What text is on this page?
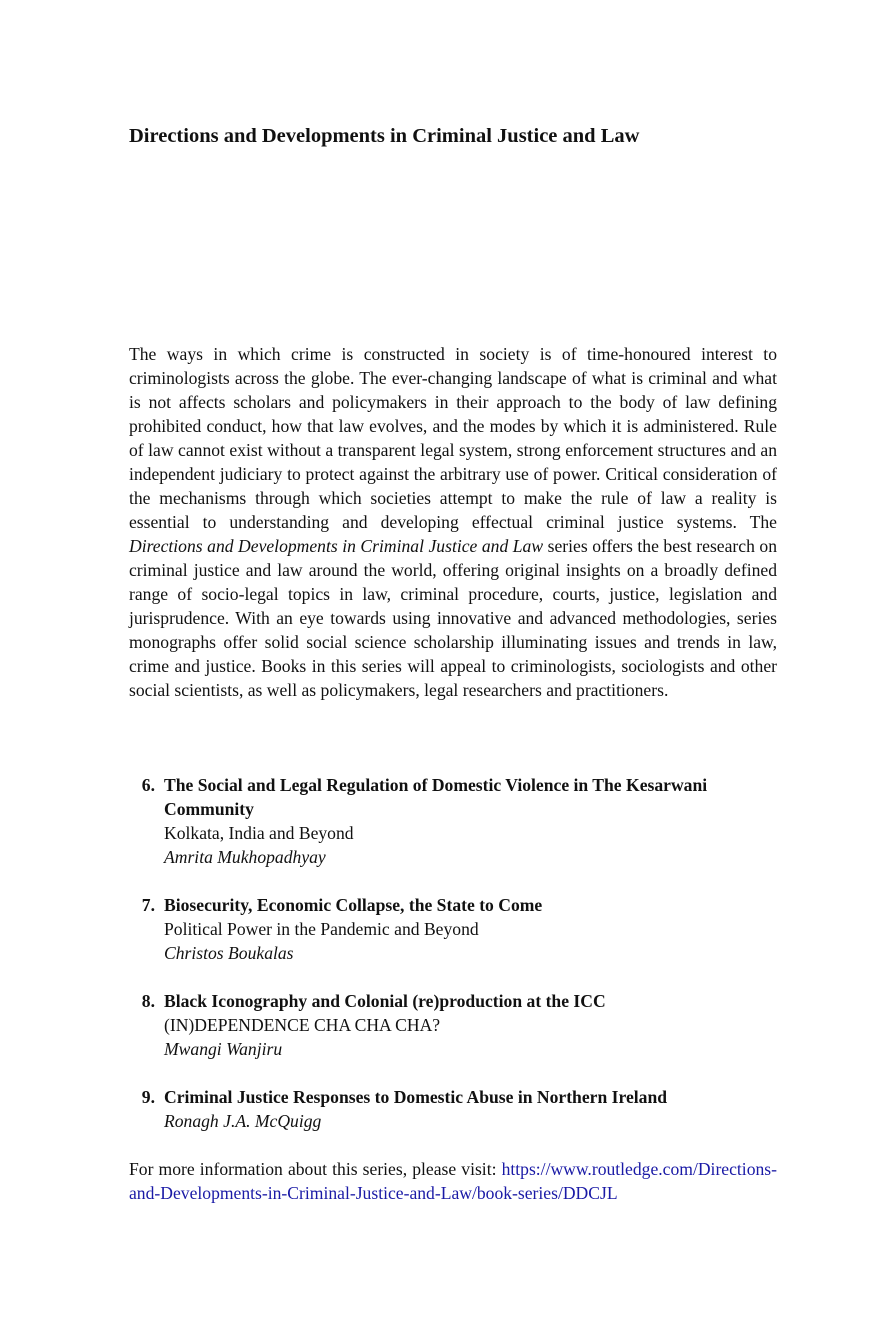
Directions and Developments in Criminal Justice and Law

The ways in which crime is constructed in society is of time-honoured interest to criminologists across the globe. The ever-changing landscape of what is criminal and what is not affects scholars and policymakers in their approach to the body of law defining prohibited conduct, how that law evolves, and the modes by which it is administered. Rule of law cannot exist without a transparent legal system, strong enforcement structures and an independent judiciary to protect against the arbitrary use of power. Critical consideration of the mechanisms through which societies attempt to make the rule of law a reality is essential to understanding and developing effectual criminal justice systems. The Directions and Developments in Criminal Justice and Law series offers the best research on criminal justice and law around the world, offering original insights on a broadly defined range of socio-legal topics in law, criminal procedure, courts, justice, legislation and jurisprudence. With an eye towards using innovative and advanced methodologies, series monographs offer solid social science scholarship illuminating issues and trends in law, crime and justice. Books in this series will appeal to criminologists, sociologists and other social scientists, as well as policymakers, legal researchers and practitioners.

6. The Social and Legal Regulation of Domestic Violence in The Kesarwani Community
Kolkata, India and Beyond
Amrita Mukhopadhyay
7. Biosecurity, Economic Collapse, the State to Come
Political Power in the Pandemic and Beyond
Christos Boukalas
8. Black Iconography and Colonial (re)production at the ICC
(IN)DEPENDENCE CHA CHA CHA?
Mwangi Wanjiru
9. Criminal Justice Responses to Domestic Abuse in Northern Ireland
Ronagh J.A. McQuigg

For more information about this series, please visit: https://www.routledge.com/Directions-and-Developments-in-Criminal-Justice-and-Law/book-series/DDCJL
